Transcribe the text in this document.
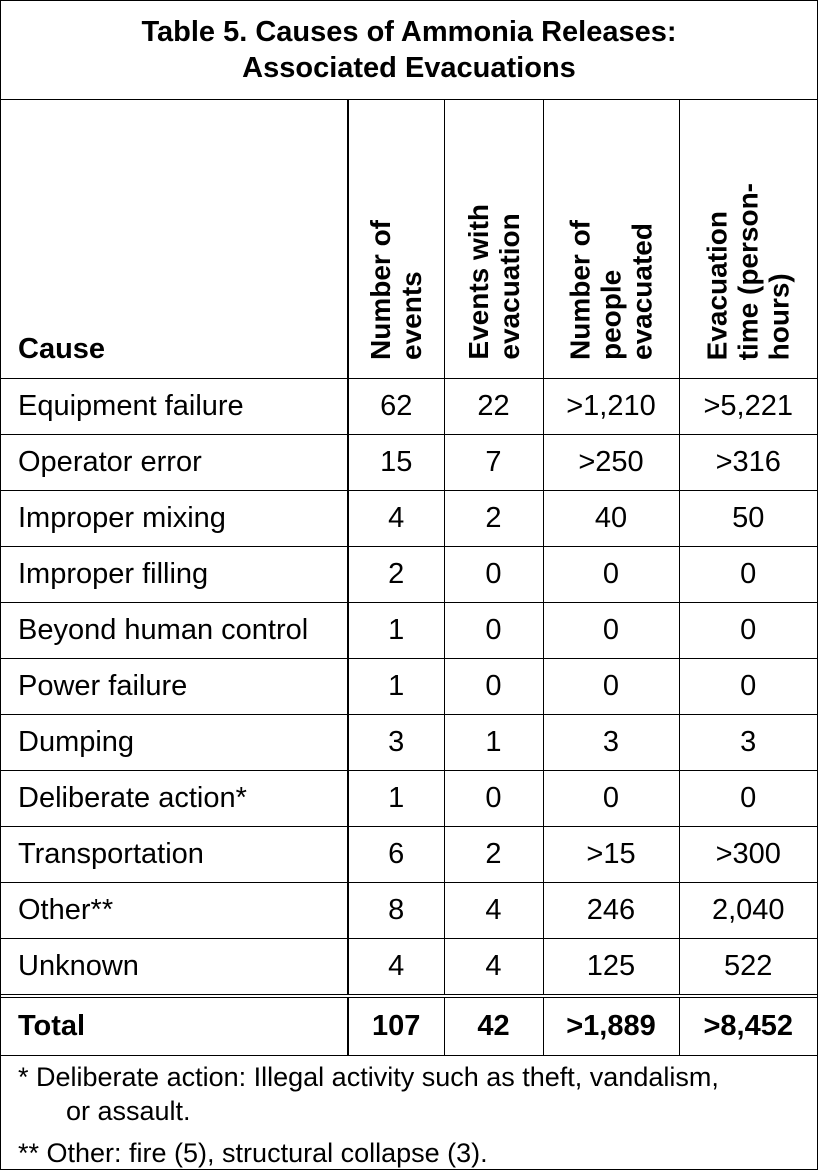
Table 5. Causes of Ammonia Releases:
Associated Evacuations
Cause	Number of events	Events with evacuation	Number of people evacuated	Evacuation time (person- hours)

Equipment failure	62	22	>1,210	>5,221
Operator error	15	7	>250	>316
Improper mixing	4	2	40	50
Improper filling	2	0	0	0
Beyond human control	1	0	0	0
Power failure	1	0	0	0
Dumping	3	1	3	3
Deliberate action*	1	0	0	0
Transportation	6	2	>15	>300
Other**	8	4	246	2,040
Unknown	4	4	125	522
Total	107	42	>1,889	>8,452
* Deliberate action: Illegal activity such as theft, vandalism,
or assault.
** Other: fire (5), structural collapse (3).
